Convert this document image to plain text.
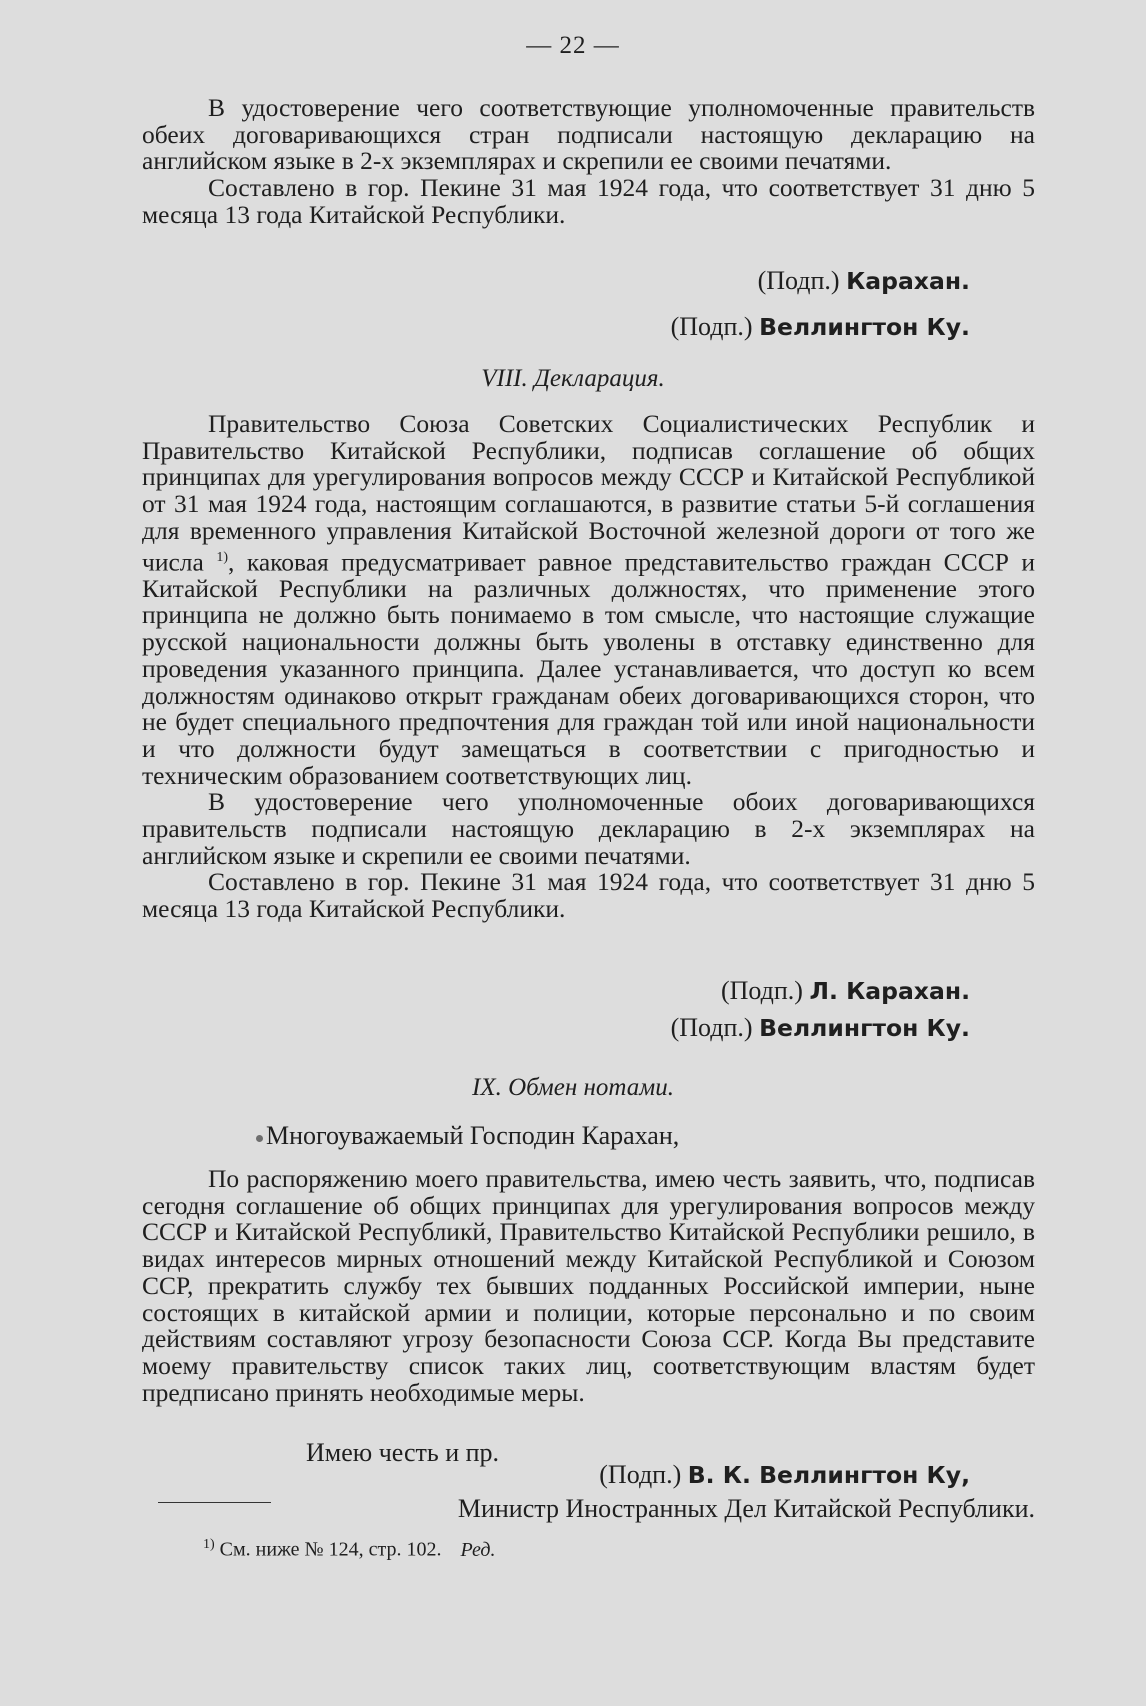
— 22 —

В удостоверение чего соответствующие уполномоченные правительств обеих договаривающихся стран подписали настоящую декларацию на английском языке в 2-х экземплярах и скрепили ее своими печатями.

Составлено в гор. Пекине 31 мая 1924 года, что соответствует 31 дню 5 месяца 13 года Китайской Республики.

(Подп.) Карахан.
(Подп.) Веллингтон Ку.
VIII. Декларация.

Правительство Союза Советских Социалистических Республик и Правительство Китайской Республики, подписав соглашение об общих принципах для урегулирования вопросов между СССР и Китайской Республикой от 31 мая 1924 года, настоящим соглашаются, в развитие статьи 5-й соглашения для временного управления Китайской Восточной железной дороги от того же числа $^{1)}$, каковая предусматривает равное представительство граждан СССР и Китайской Республики на различных должностях, что применение этого принципа не должно быть понимаемо в том смысле, что настоящие служащие русской национальности должны быть уволены в отставку единственно для проведения указанного принципа. Далее устанавливается, что доступ ко всем должностям одинаково открыт гражданам обеих договаривающихся сторон, что не будет специального предпочтения для граждан той или иной национальности и что должности будут замещаться в соответствии с пригодностью и техническим образованием соответствующих лиц.

В удостоверение чего уполномоченные обоих договаривающихся правительств подписали настоящую декларацию в 2-х экземплярах на английском языке и скрепили ее своими печатями.

Составлено в гор. Пекине 31 мая 1924 года, что соответствует 31 дню 5 месяца 13 года Китайской Республики.

(Подп.) Л. Карахан.
(Подп.) Веллингтон Ку.
IX. Обмен нотами.
Многоуважаемый Господин Карахан,

По распоряжению моего правительства, имею честь заявить, что, подписав сегодня соглашение об общих принципах для урегулирования вопросов между СССР и Китайской Республикй, Правительство Китайской Республики решило, в видах интересов мирных отношений между Китайской Республикой и Союзом ССР, прекратить службу тех бывших подданных Российской империи, ныне состоящих в китайской армии и полиции, которые персонально и по своим действиям составляют угрозу безопасности Союза ССР. Когда Вы представите моему правительству список таких лиц, соответствующим властям будет предписано принять необходимые меры.

Имею честь и пр.
(Подп.) В. К. Веллингтон Ку,
Министр Иностранных Дел Китайской Республики.
$^{1)}$ См. ниже № 124, стр. 102. Ред.
